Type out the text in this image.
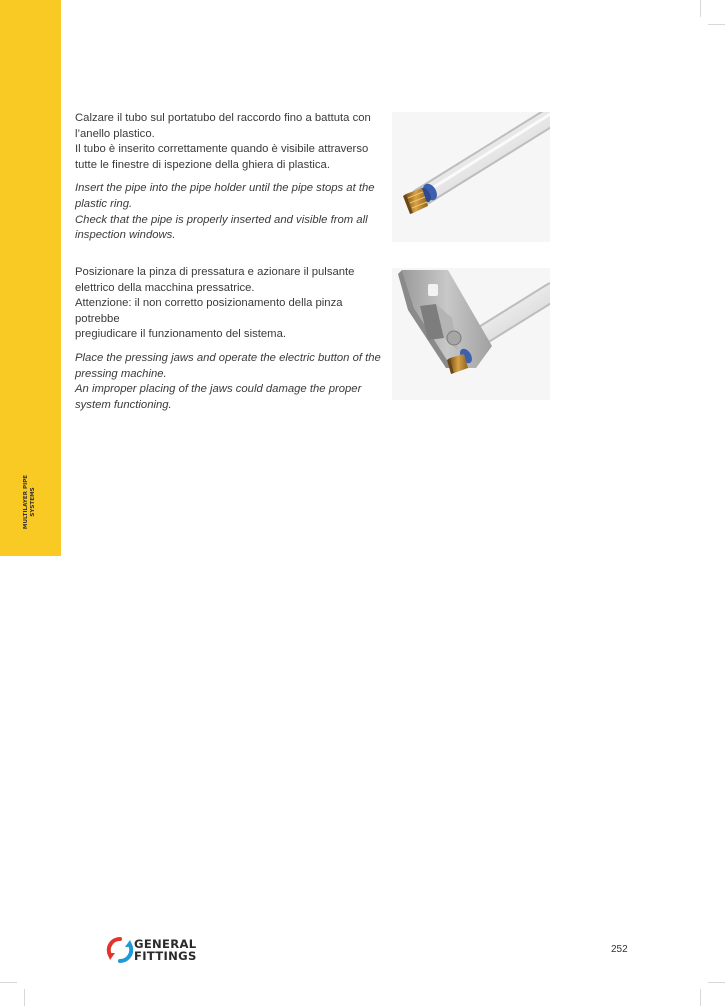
MULTILAYER PIPE SYSTEMS

Calzare il tubo sul portatubo del raccordo fino a battuta con
l’anello plastico.
Il tubo è inserito correttamente quando è visibile attraverso
tutte le finestre di ispezione della ghiera di plastica.

Insert the pipe into the pipe holder until the pipe stops at the
plastic ring.
Check that the pipe is properly inserted and visible from all
inspection windows.

Posizionare la pinza di pressatura e azionare il pulsante
elettrico della macchina pressatrice.
Attenzione: il non corretto posizionamento della pinza potrebbe
pregiudicare il funzionamento del sistema.

Place the pressing jaws and operate the electric button of the
pressing machine.
An improper placing of the jaws could damage the proper
system functioning.

GENERAL
FITTINGS	252
